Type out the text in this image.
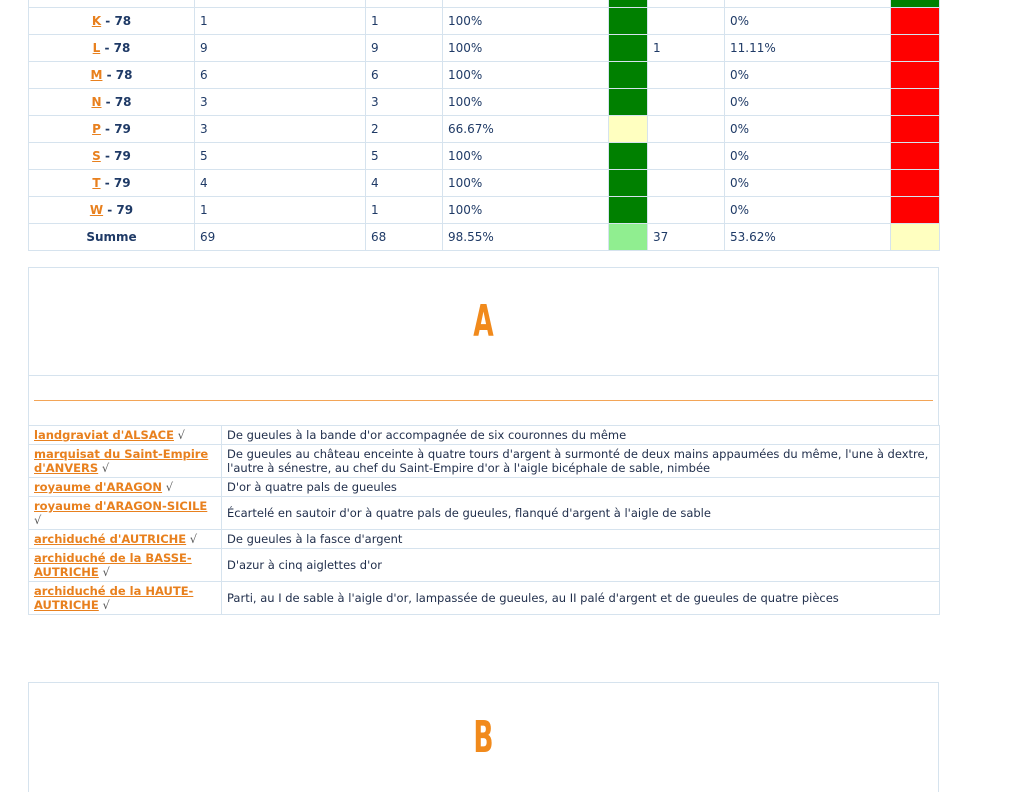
K - 78	1	1	100%			0%	
L - 78	9	9	100%		1	11.11%	
M - 78	6	6	100%			0%	
N - 78	3	3	100%			0%	
P - 79	3	2	66.67%			0%	
S - 79	5	5	100%			0%	
T - 79	4	4	100%			0%	
W - 79	1	1	100%			0%	
Summe	69	68	98.55%		37	53.62%	
A
landgraviat d'ALSACE √	De gueules à la bande d'or accompagnée de six couronnes du même
marquisat du Saint-Empire d'ANVERS √	De gueules au château enceinte à quatre tours d'argent à surmonté de deux mains appaumées du même, l'une à dextre, l'autre à sénestre, au chef du Saint-Empire d'or à l'aigle bicéphale de sable, nimbée
royaume d'ARAGON √	D'or à quatre pals de gueules
royaume d'ARAGON-SICILE √	Écartelé en sautoir d'or à quatre pals de gueules, flanqué d'argent à l'aigle de sable
archiduché d'AUTRICHE √	De gueules à la fasce d'argent
archiduché de la BASSE-AUTRICHE √	D'azur à cinq aiglettes d'or
archiduché de la HAUTE-AUTRICHE √	Parti, au I de sable à l'aigle d'or, lampassée de gueules, au II palé d'argent et de gueules de quatre pièces
B
